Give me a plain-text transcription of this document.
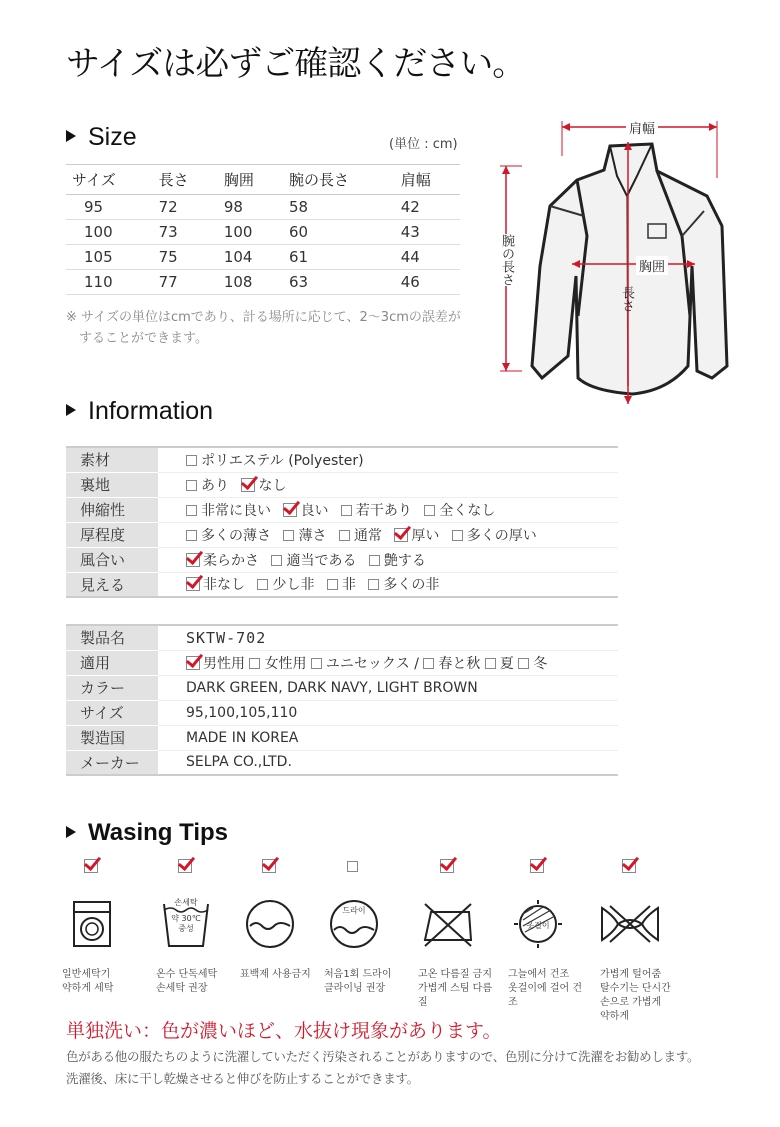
サイズは必ずご確認ください。
Size	(単位 : cm)
サイズ	長さ	胸囲	腕の長さ	肩幅
95	72	98	58	42
100	73	100	60	43
105	75	104	61	44
110	77	108	63	46
※ サイズの単位はcmであり、計る場所に応じて、2～3cmの誤差が
することができます。
肩幅
腕の長さ	胸囲
長さ
Information
素材	ポリエステル (Polyester)
裏地	あり なし
伸縮性	非常に良い 良い 若干あり 全くなし
厚程度	多くの薄さ 薄さ 通常 厚い 多くの厚い
風合い	柔らかさ 適当である 艶する
見える	非なし 少し非 非 多くの非
製品名	SKTW-702
適用	男性用 女性用 ユニセックス / 春と秋 夏 冬
カラー	DARK GREEN, DARK NAVY, LIGHT BROWN
サイズ	95,100,105,110
製造国	MADE IN KOREA
メーカー	SELPA CO.,LTD.
Wasing Tips
일반세탁기
약하게 세탁
손세탁
약 30℃
중성
온수 단독세탁
손세탁 권장
표백제 사용금지
드라이
처음1회 드라이
클라이닝 권장
고온 다름질 금지
가볍게 스팀 다름질
옷걸이
그늘에서 건조
옷걸이에 걸어 건조
가볍게 털어줌
탈수기는 단시간
손으로 가볍게
약하게
単独洗い：色が濃いほど、水抜け現象があります。
色がある他の服たちのように洗濯していただく汚染されることがありますので、色別に分けて洗濯をお勧めします。
洗濯後、床に干し乾燥させると伸びを防止することができます。
